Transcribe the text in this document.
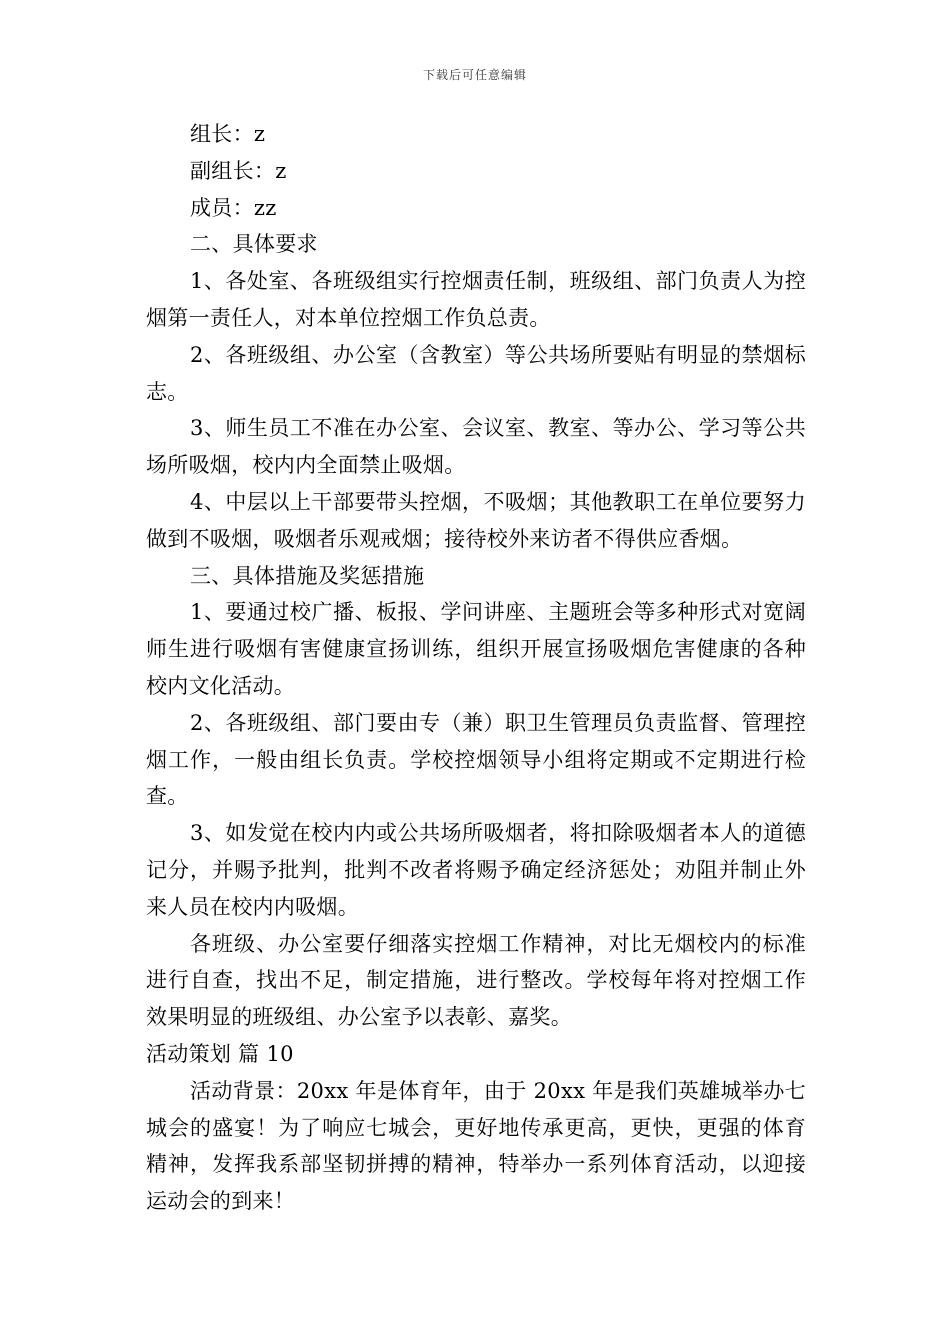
下载后可任意编辑

组长：z

副组长：z

成员：zz

二、具体要求

1、各处室、各班级组实行控烟责任制，班级组、部门负责人为控烟第一责任人，对本单位控烟工作负总责。

2、各班级组、办公室（含教室）等公共场所要贴有明显的禁烟标志。

3、师生员工不准在办公室、会议室、教室、等办公、学习等公共场所吸烟，校内内全面禁止吸烟。

4、中层以上干部要带头控烟，不吸烟；其他教职工在单位要努力做到不吸烟，吸烟者乐观戒烟；接待校外来访者不得供应香烟。

三、具体措施及奖惩措施

1、要通过校广播、板报、学问讲座、主题班会等多种形式对宽阔师生进行吸烟有害健康宣扬训练，组织开展宣扬吸烟危害健康的各种校内文化活动。

2、各班级组、部门要由专（兼）职卫生管理员负责监督、管理控烟工作，一般由组长负责。学校控烟领导小组将定期或不定期进行检查。

3、如发觉在校内内或公共场所吸烟者，将扣除吸烟者本人的道德记分，并赐予批判，批判不改者将赐予确定经济惩处；劝阻并制止外来人员在校内内吸烟。

各班级、办公室要仔细落实控烟工作精神，对比无烟校内的标准进行自查，找出不足，制定措施，进行整改。学校每年将对控烟工作效果明显的班级组、办公室予以表彰、嘉奖。

活动策划 篇 10

活动背景：20xx 年是体育年，由于 20xx 年是我们英雄城举办七城会的盛宴！为了响应七城会，更好地传承更高，更快，更强的体育精神，发挥我系部坚韧拼搏的精神，特举办一系列体育活动，以迎接运动会的到来！
